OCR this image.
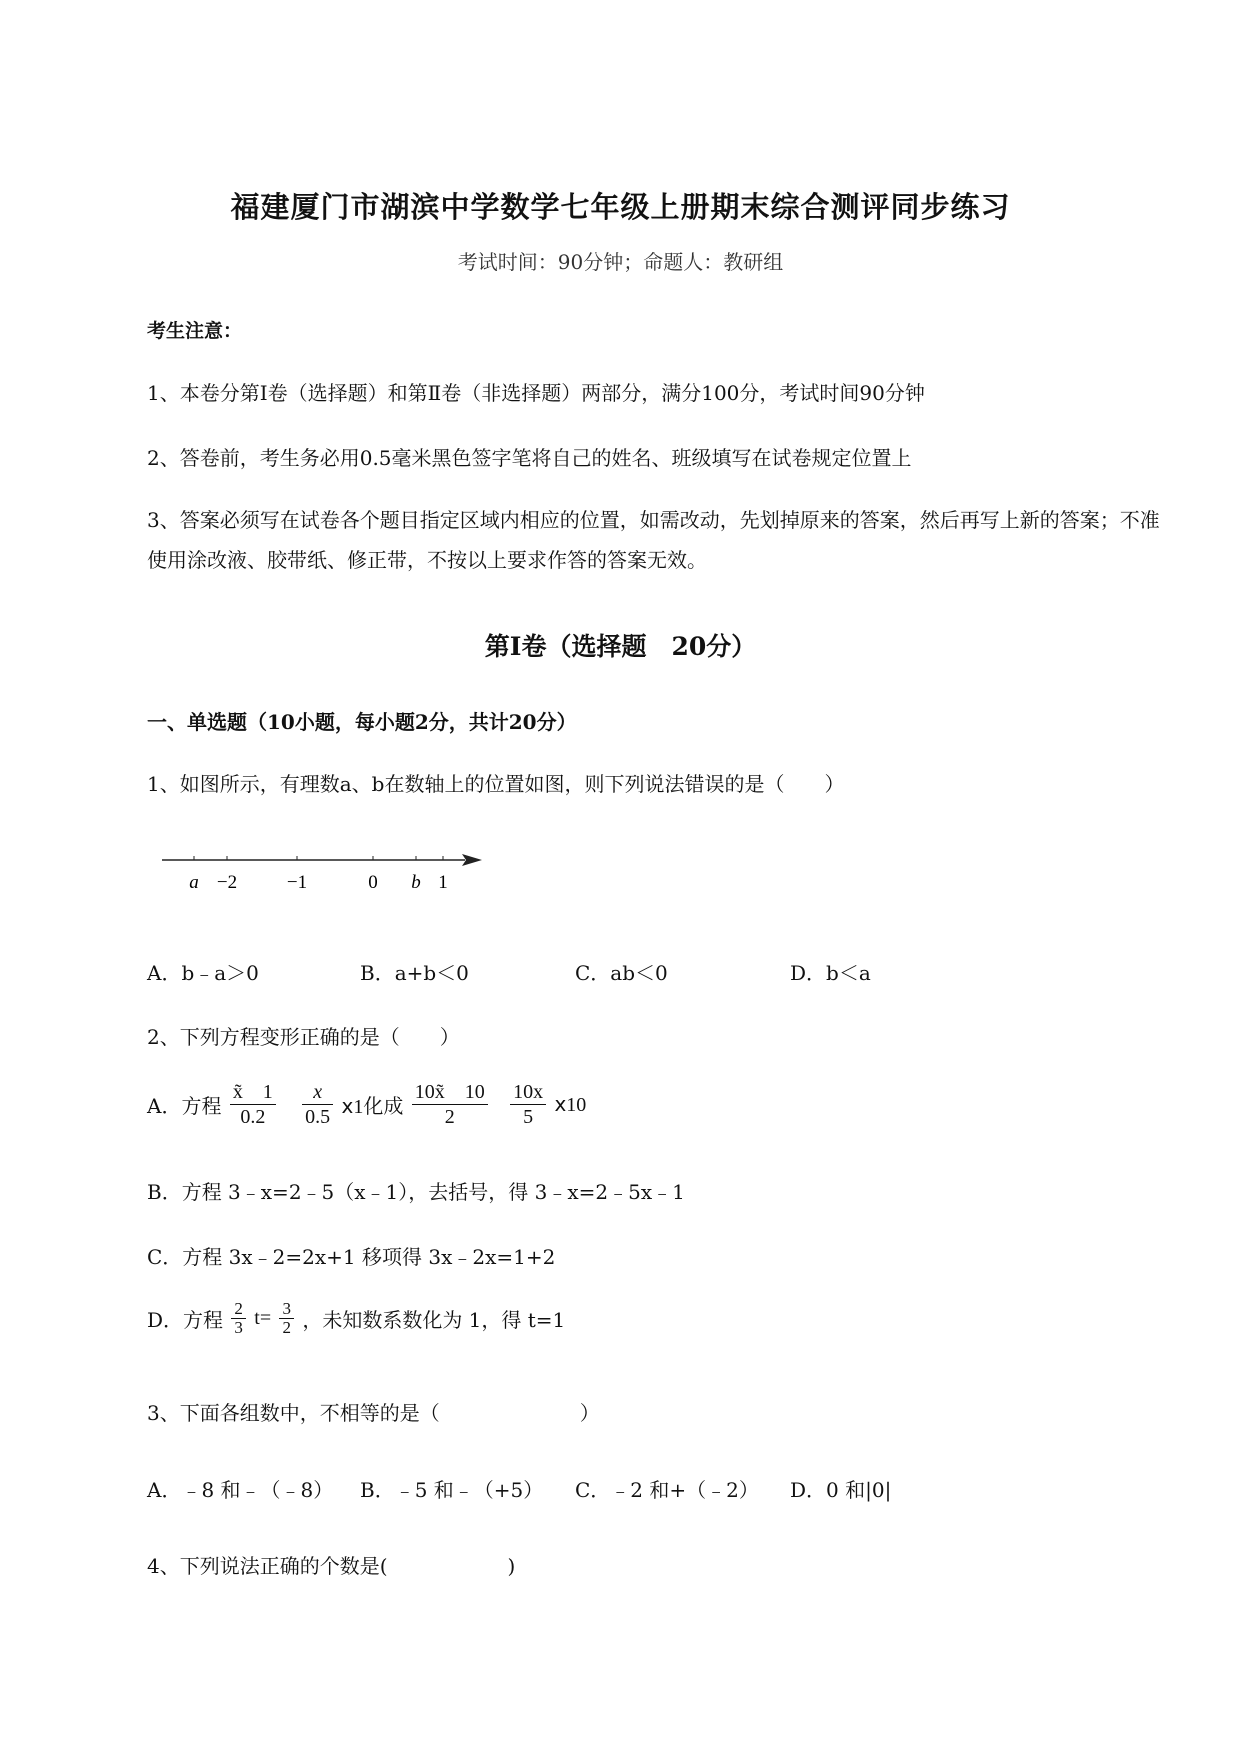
福建厦门市湖滨中学数学七年级上册期末综合测评同步练习
考试时间：90分钟；命题人：教研组
考生注意：
1、本卷分第I卷（选择题）和第Ⅱ卷（非选择题）两部分，满分100分，考试时间90分钟
2、答卷前，考生务必用0.5毫米黑色签字笔将自己的姓名、班级填写在试卷规定位置上
3、答案必须写在试卷各个题目指定区域内相应的位置，如需改动，先划掉原来的答案，然后再写上新的答案；不准使用涂改液、胶带纸、修正带，不按以上要求作答的答案无效。
第I卷（选择题　20分）
一、单选题（10小题，每小题2分，共计20分）
1、如图所示，有理数a、b在数轴上的位置如图，则下列说法错误的是（　　）
a −2	−1	0 b 1
A．b﹣a＞0	B．a+b＜0	C．ab＜0	D．b＜a
2、下列方程变形正确的是（　　）
A．方程 $\frac{x̃ 1}{0.2}$
$\frac{x}{0.5}$ ⅹ1化成 $\frac{10x̃ 10}{2}$
$\frac{10x}{5}$ ⅹ10
B．方程 3﹣x=2﹣5（x﹣1），去括号，得 3﹣x=2﹣5x﹣1
C．方程 3x﹣2=2x+1 移项得 3x﹣2x=1+2
D．方程 $\frac{2}{3} t= \frac{3}{2}$ ，未知数系数化为 1，得 t=1
3、下面各组数中，不相等的是（　　　　　　　）
A．﹣8 和﹣（﹣8） B．﹣5 和﹣（+5） C．﹣2 和+（﹣2） D．0 和|0|
4、下列说法正确的个数是(　　　　　　)
